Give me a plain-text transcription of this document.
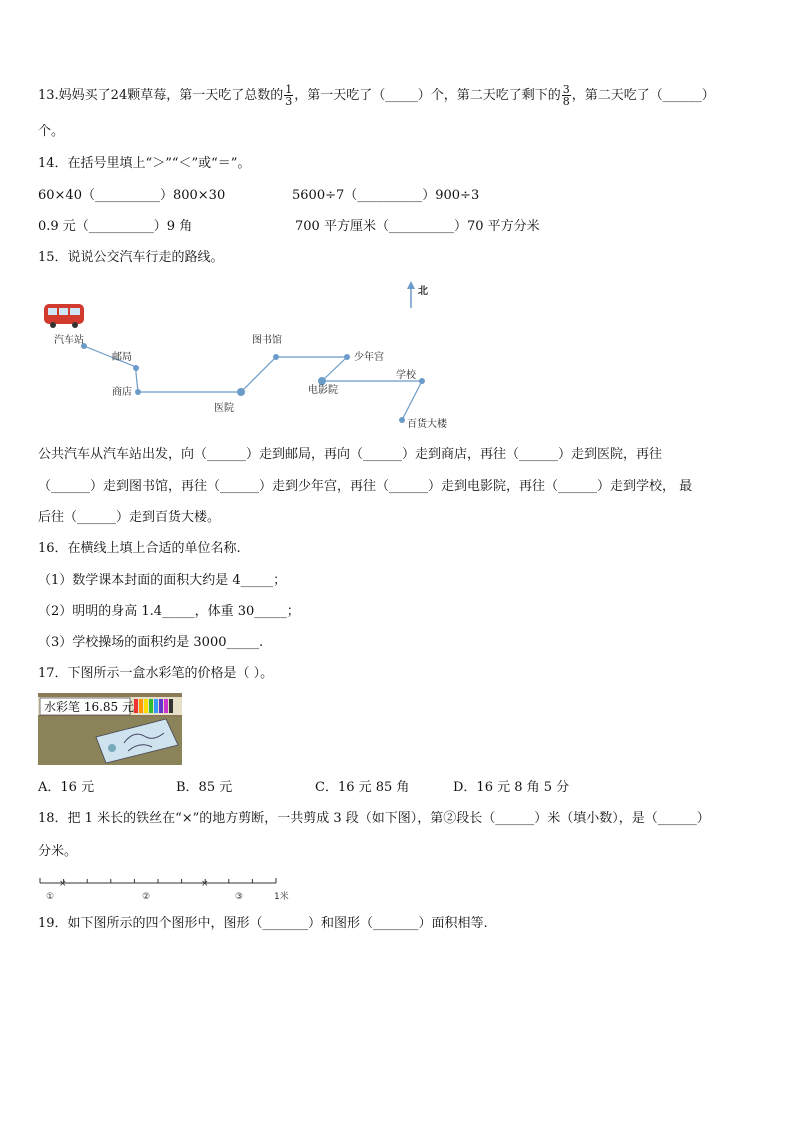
13.妈妈买了24颗草莓，第一天吃了总数的 $\frac{1}{3}$ ，第一天吃了（_____）个，第二天吃了剩下的 $\frac{3}{8}$ ，第二天吃了（______）
个。
14．在括号里填上“＞”“＜”或“＝”。
60×40（__________）800×30	5600÷7（__________）900÷3
0.9 元（__________）9 角	700 平方厘米（__________）70 平方分米
15．说说公交汽车行走的路线。
北
汽车站
邮局
商店
医院
图书馆
少年宫
电影院
学校
百货大楼
公共汽车从汽车站出发，向（______）走到邮局，再向（______）走到商店，再往（______）走到医院，再往
（______）走到图书馆，再往（______）走到少年宫，再往（______）走到电影院，再往（______）走到学校， 最
后往（______）走到百货大楼。
16．在横线上填上合适的单位名称.
（1）数学课本封面的面积大约是 4_____；
（2）明明的身高 1.4_____，体重 30_____；
（3）学校操场的面积约是 3000_____.
17．下图所示一盒水彩笔的价格是（ ）。
水彩笔 16.85 元
A．16 元	B．85 元	C．16 元 85 角	D．16 元 8 角 5 分
18．把 1 米长的铁丝在“×”的地方剪断，一共剪成 3 段（如下图），第②段长（______）米（填小数），是（______）
分米。
×	×
①	②	③	1米
19．如下图所示的四个图形中，图形（_______）和图形（_______）面积相等.
